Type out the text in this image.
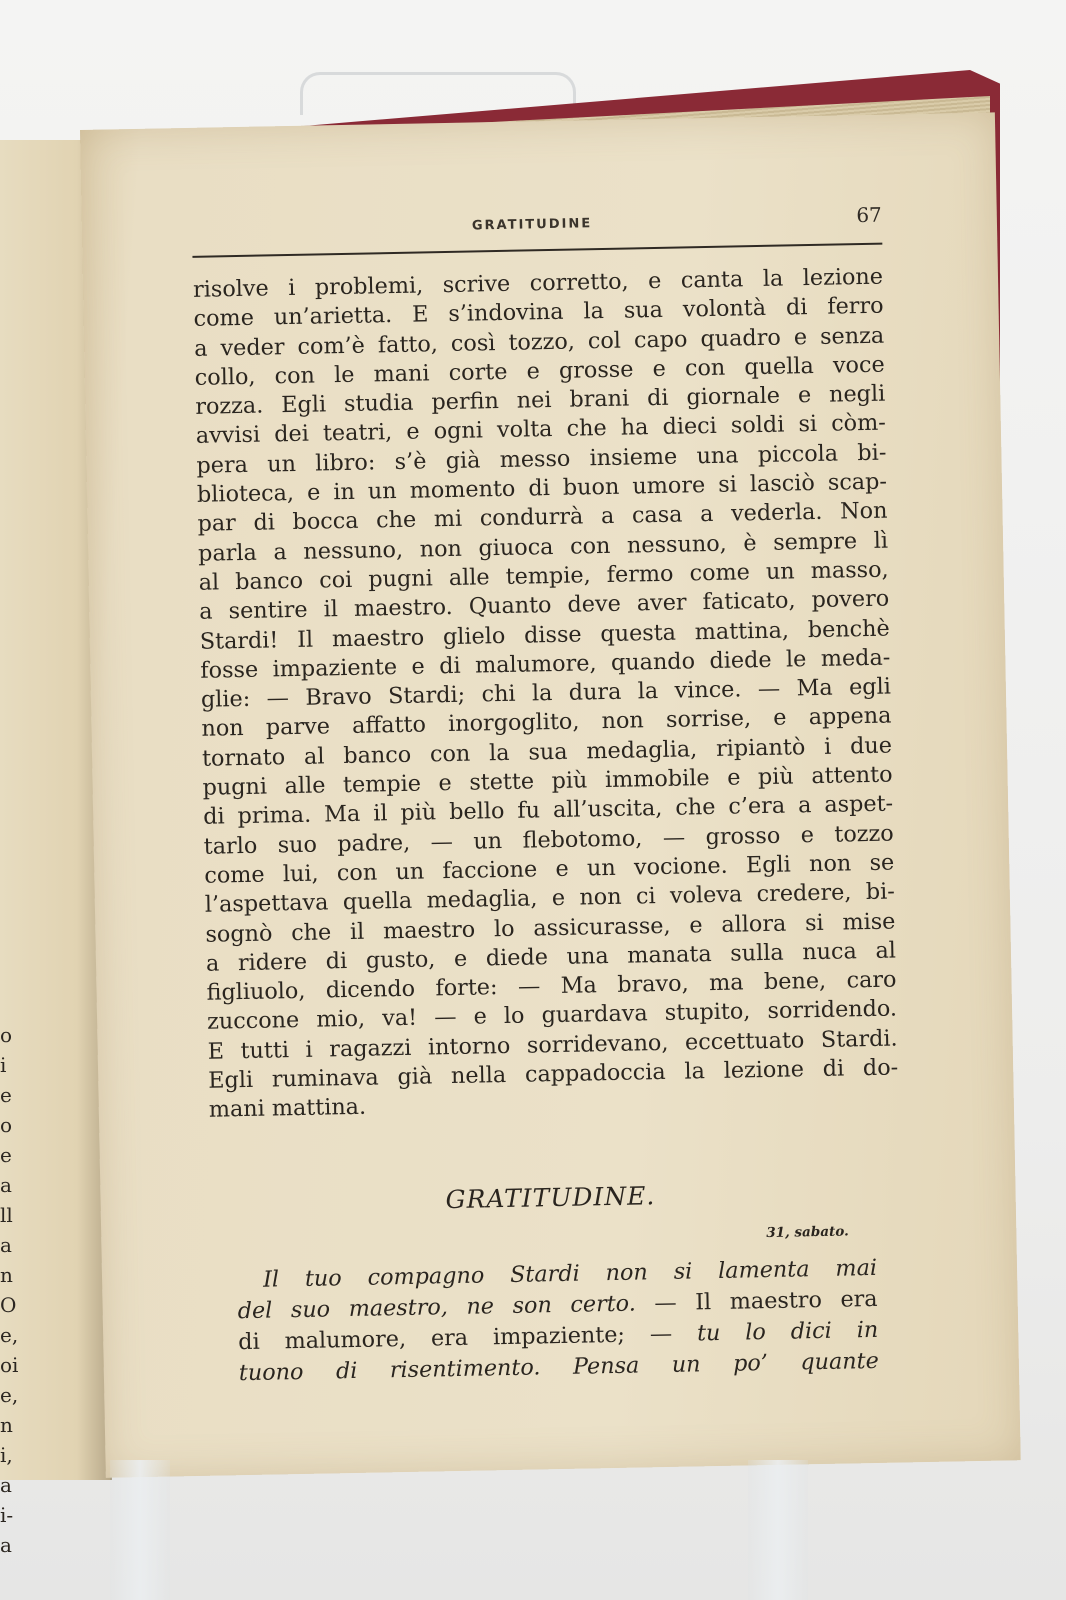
o
i
e
o
e
a
ll
a
n
O
e,
oi
e,
n
i,
a
i-
a
GRATITUDINE	67
risolve i problemi, scrive corretto, e canta la lezione
come un’arietta. E s’indovina la sua volontà di ferro
a veder com’è fatto, così tozzo, col capo quadro e senza
collo, con le mani corte e grosse e con quella voce
rozza. Egli studia perfin nei brani di giornale e negli
avvisi dei teatri, e ogni volta che ha dieci soldi si còm-
pera un libro: s’è già messo insieme una piccola bi-
blioteca, e in un momento di buon umore si lasciò scap-
par di bocca che mi condurrà a casa a vederla. Non
parla a nessuno, non giuoca con nessuno, è sempre lì
al banco coi pugni alle tempie, fermo come un masso,
a sentire il maestro. Quanto deve aver faticato, povero
Stardi! Il maestro glielo disse questa mattina, benchè
fosse impaziente e di malumore, quando diede le meda-
glie: — Bravo Stardi; chi la dura la vince. — Ma egli
non parve affatto inorgoglito, non sorrise, e appena
tornato al banco con la sua medaglia, ripiantò i due
pugni alle tempie e stette più immobile e più attento
di prima. Ma il più bello fu all’uscita, che c’era a aspet-
tarlo suo padre, — un flebotomo, — grosso e tozzo
come lui, con un faccione e un vocione. Egli non se
l’aspettava quella medaglia, e non ci voleva credere, bi-
sognò che il maestro lo assicurasse, e allora si mise
a ridere di gusto, e diede una manata sulla nuca al
figliuolo, dicendo forte: — Ma bravo, ma bene, caro
zuccone mio, va! — e lo guardava stupito, sorridendo.
E tutti i ragazzi intorno sorridevano, eccettuato Stardi.
Egli ruminava già nella cappadoccia la lezione di do-
mani mattina.
GRATITUDINE.
31, sabato.
Il tuo compagno Stardi non si lamenta mai
del suo maestro, ne son certo. — Il maestro era
di malumore, era impaziente; — tu lo dici in
tuono di risentimento. Pensa un po’ quante
